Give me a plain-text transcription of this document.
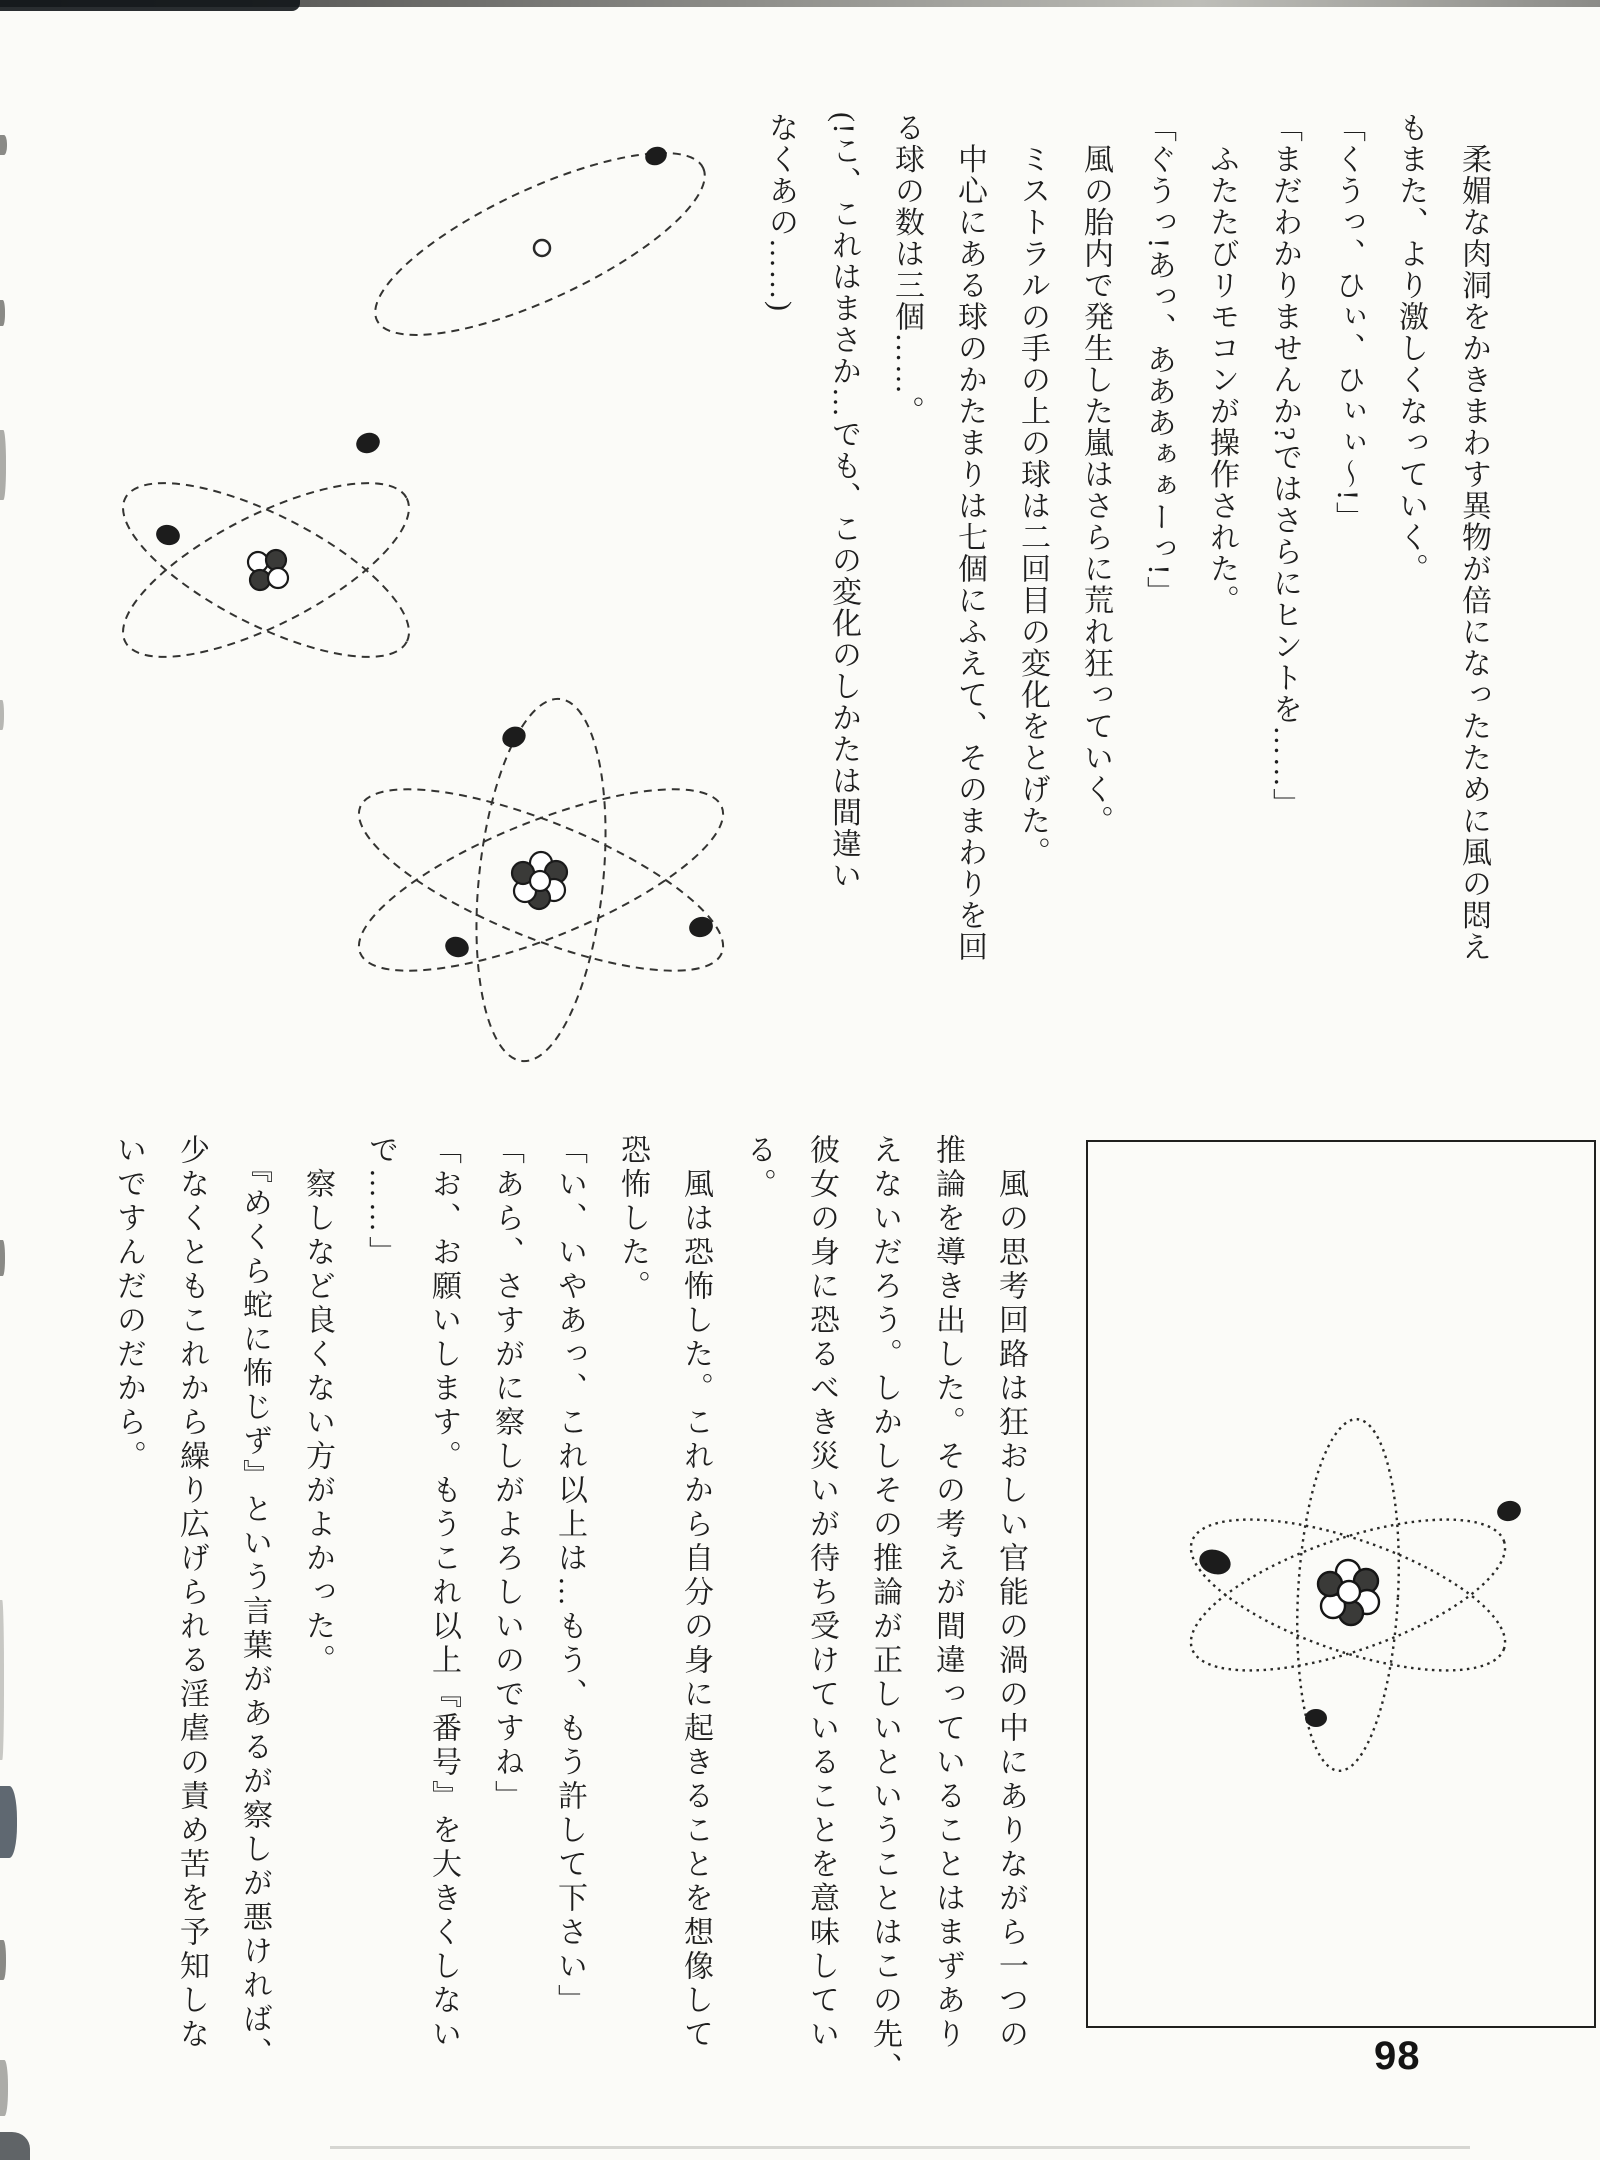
　柔媚な肉洞をかきまわす異物が倍になったために風の悶え

もまた、より激しくなっていく。

「くうっ、ひぃ、ひぃぃ～!」

「まだわかりませんか?ではさらにヒントを……」

　ふたたびリモコンが操作された。

「ぐうっ!あっ、あああぁぁーっ!」

　風の胎内で発生した嵐はさらに荒れ狂っていく。

　ミストラルの手の上の球は二回目の変化をとげた。

　中心にある球のかたまりは七個にふえて、そのまわりを回

る球の数は三個……。

(!こ、これはまさか…でも、この変化のしかたは間違い

なくあの……)

　風の思考回路は狂おしい官能の渦の中にありながら一つの

推論を導き出した。その考えが間違っていることはまずあり

えないだろう。しかしその推論が正しいということはこの先、

彼女の身に恐るべき災いが待ち受けていることを意味してい

る。

　風は恐怖した。これから自分の身に起きることを想像して

恐怖した。

「い、いやあっ、これ以上は…もう、もう許して下さい」

「あら、さすがに察しがよろしいのですね」

「お、お願いします。もうこれ以上『番号』を大きくしない

で……」

　察しなど良くない方がよかった。

　『めくら蛇に怖じず』という言葉があるが察しが悪ければ、

少なくともこれから繰り広げられる淫虐の責め苦を予知しな

いですんだのだから。

98
